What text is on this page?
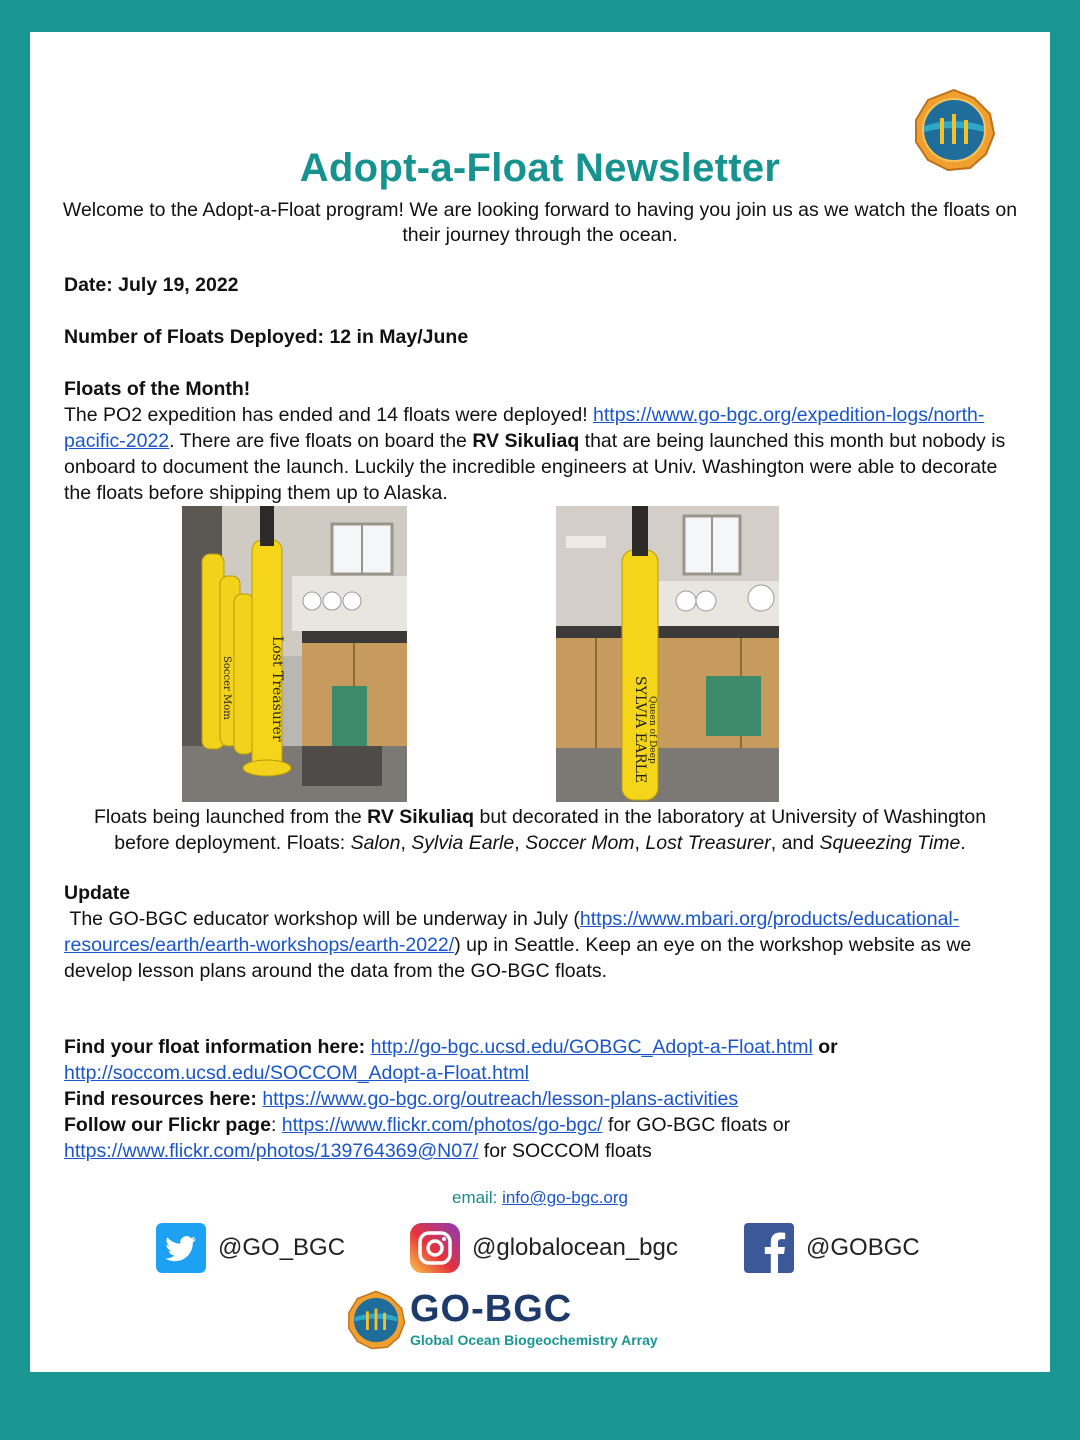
Adopt-a-Float Newsletter
Welcome to the Adopt-a-Float program! We are looking forward to having you join us as we watch the floats on their journey through the ocean.
Date: July 19, 2022
Number of Floats Deployed: 12 in May/June
Floats of the Month!
The PO2 expedition has ended and 14 floats were deployed! https://www.go-bgc.org/expedition-logs/north-pacific-2022. There are five floats on board the RV Sikuliaq that are being launched this month but nobody is onboard to document the launch. Luckily the incredible engineers at Univ. Washington were able to decorate the floats before shipping them up to Alaska.
Lost Treasurer
Soccer Mom	SYLVIA EARLE Queen of Deep
Floats being launched from the RV Sikuliaq but decorated in the laboratory at University of Washington before deployment. Floats: Salon, Sylvia Earle, Soccer Mom, Lost Treasurer, and Squeezing Time.
Update
The GO-BGC educator workshop will be underway in July (https://www.mbari.org/products/educational-resources/earth/earth-workshops/earth-2022/) up in Seattle. Keep an eye on the workshop website as we develop lesson plans around the data from the GO-BGC floats.
Find your float information here: http://go-bgc.ucsd.edu/GOBGC_Adopt-a-Float.html or
http://soccom.ucsd.edu/SOCCOM_Adopt-a-Float.html
Find resources here: https://www.go-bgc.org/outreach/lesson-plans-activities
Follow our Flickr page: https://www.flickr.com/photos/go-bgc/ for GO-BGC floats or
https://www.flickr.com/photos/139764369@N07/ for SOCCOM floats
email: info@go-bgc.org
@GO_BGC	@globalocean_bgc	@GOBGC
GO-BGC
Global Ocean Biogeochemistry Array
